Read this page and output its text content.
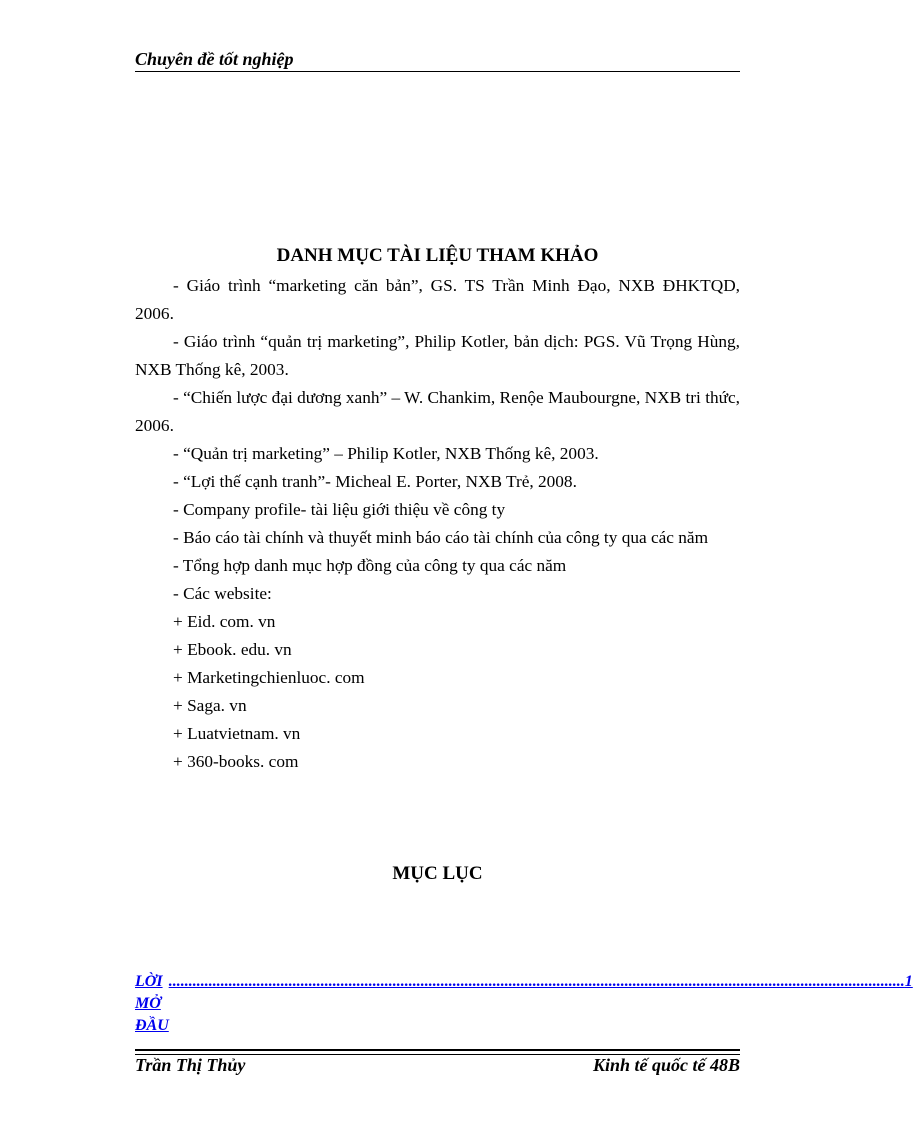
Chuyên đề tốt nghiệp
DANH MỤC TÀI LIỆU THAM KHẢO

- Giáo trình “marketing căn bản”, GS. TS Trần Minh Đạo, NXB ĐHKTQD, 2006.

- Giáo trình “quản trị marketing”, Philip Kotler, bản dịch: PGS. Vũ Trọng Hùng, NXB Thống kê, 2003.

- “Chiến lược đại dương xanh” – W. Chankim, Renộe Maubourgne, NXB tri thức, 2006.

- “Quản trị marketing” – Philip Kotler, NXB Thống kê, 2003.

- “Lợi thế cạnh tranh”- Micheal E. Porter, NXB Trẻ, 2008.

- Company profile- tài liệu giới thiệu về công ty

- Báo cáo tài chính và thuyết minh báo cáo tài chính của công ty qua các năm

- Tổng hợp danh mục hợp đồng của công ty qua các năm

- Các website:

+ Eid. com. vn

+ Ebook. edu. vn

+ Marketingchienluoc. com

+ Saga. vn

+ Luatvietnam. vn

+ 360-books. com

MỤC LỤC
LỜI MỞ ĐẦU
........................................................................................................................................................................................ 1
Trần Thị Thủy	Kinh tế quốc tế 48B
